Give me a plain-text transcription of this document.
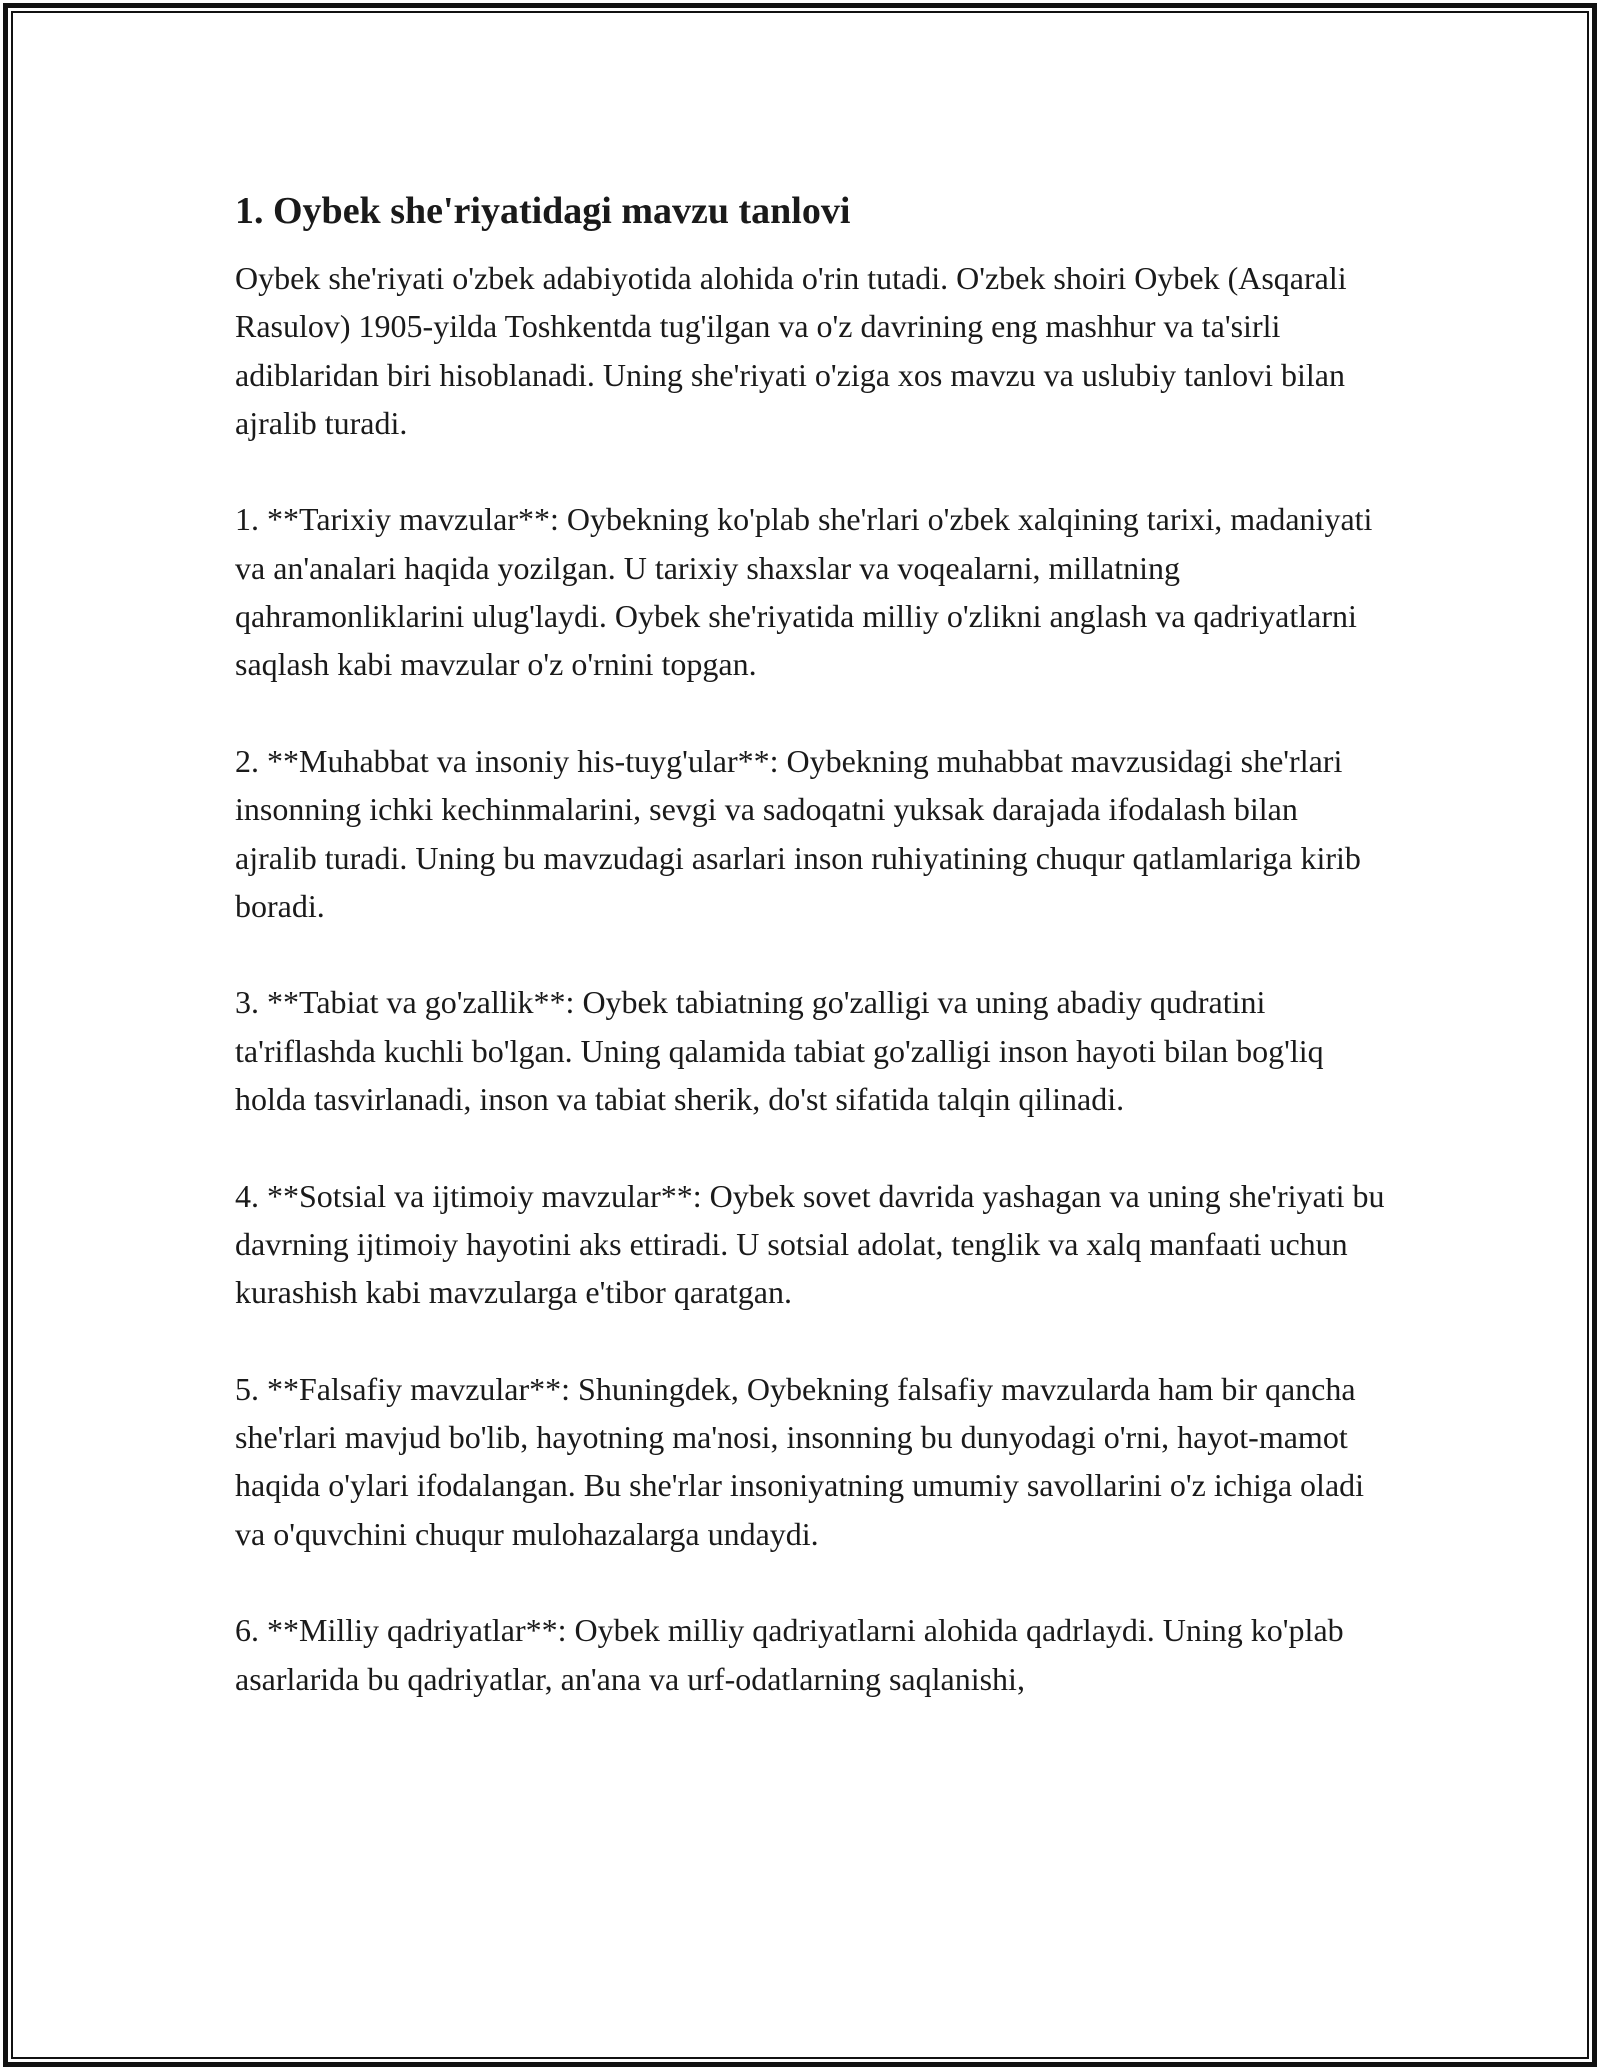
1. Oybek she'riyatidagi mavzu tanlovi

Oybek she'riyati o'zbek adabiyotida alohida o'rin tutadi. O'zbek shoiri Oybek (Asqarali Rasulov) 1905-yilda Toshkentda tug'ilgan va o'z davrining eng mashhur va ta'sirli adiblaridan biri hisoblanadi. Uning she'riyati o'ziga xos mavzu va uslubiy tanlovi bilan ajralib turadi.

1. **Tarixiy mavzular**: Oybekning ko'plab she'rlari o'zbek xalqining tarixi, madaniyati va an'analari haqida yozilgan. U tarixiy shaxslar va voqealarni, millatning qahramonliklarini ulug'laydi. Oybek she'riyatida milliy o'zlikni anglash va qadriyatlarni saqlash kabi mavzular o'z o'rnini topgan.

2. **Muhabbat va insoniy his-tuyg'ular**: Oybekning muhabbat mavzusidagi she'rlari insonning ichki kechinmalarini, sevgi va sadoqatni yuksak darajada ifodalash bilan ajralib turadi. Uning bu mavzudagi asarlari inson ruhiyatining chuqur qatlamlariga kirib boradi.

3. **Tabiat va go'zallik**: Oybek tabiatning go'zalligi va uning abadiy qudratini ta'riflashda kuchli bo'lgan. Uning qalamida tabiat go'zalligi inson hayoti bilan bog'liq holda tasvirlanadi, inson va tabiat sherik, do'st sifatida talqin qilinadi.

4. **Sotsial va ijtimoiy mavzular**: Oybek sovet davrida yashagan va uning she'riyati bu davrning ijtimoiy hayotini aks ettiradi. U sotsial adolat, tenglik va xalq manfaati uchun kurashish kabi mavzularga e'tibor qaratgan.

5. **Falsafiy mavzular**: Shuningdek, Oybekning falsafiy mavzularda ham bir qancha she'rlari mavjud bo'lib, hayotning ma'nosi, insonning bu dunyodagi o'rni, hayot-mamot haqida o'ylari ifodalangan. Bu she'rlar insoniyatning umumiy savollarini o'z ichiga oladi va o'quvchini chuqur mulohazalarga undaydi.

6. **Milliy qadriyatlar**: Oybek milliy qadriyatlarni alohida qadrlaydi. Uning ko'plab asarlarida bu qadriyatlar, an'ana va urf-odatlarning saqlanishi,
